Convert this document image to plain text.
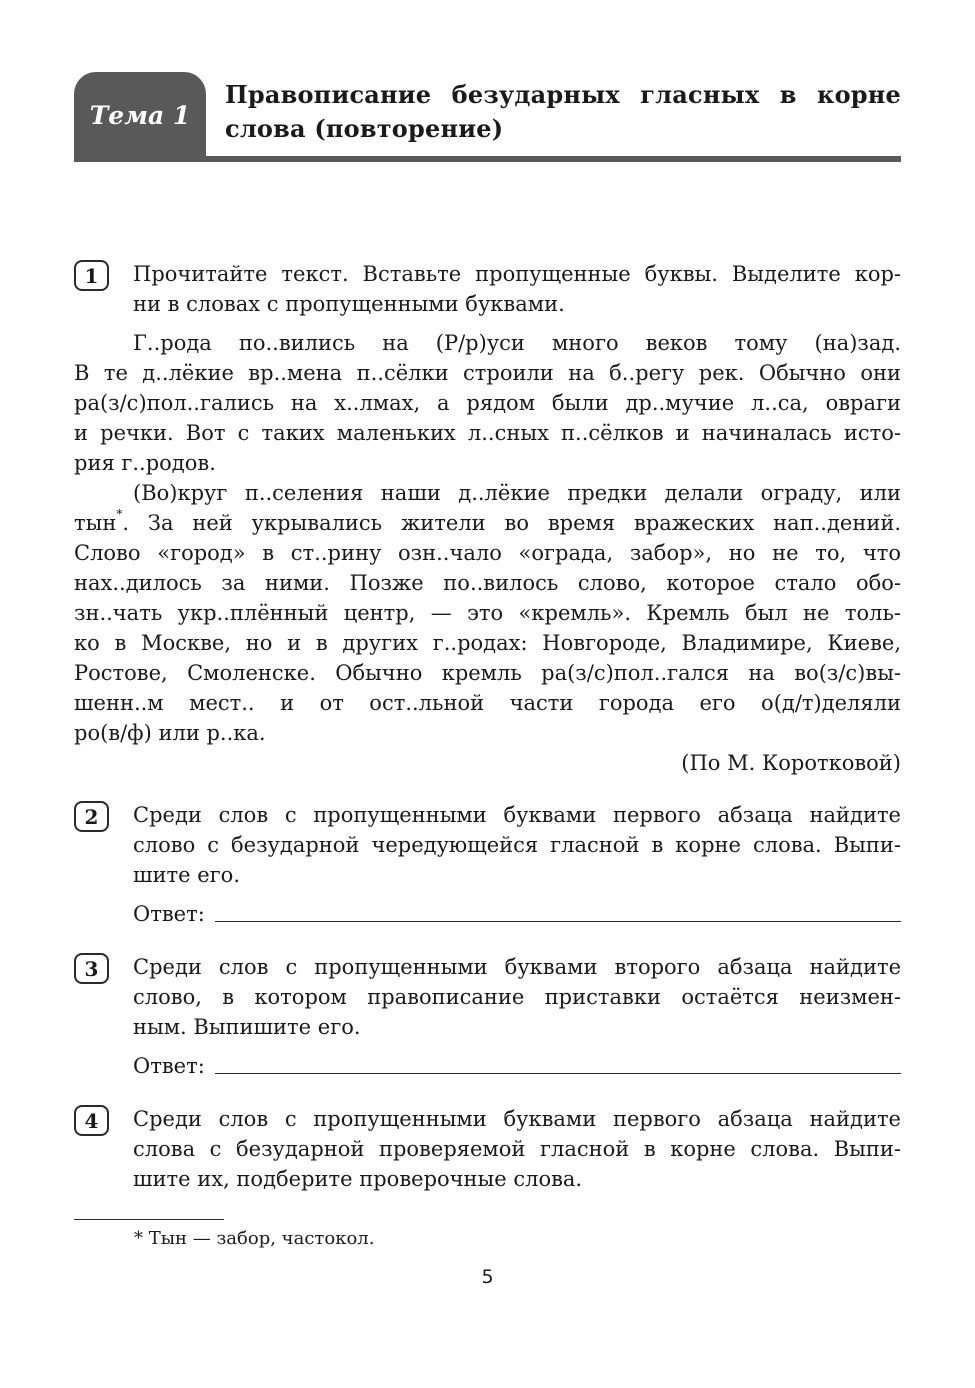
Тема 1
Правописание безударных гласных в корне слова (повторение)
1	Прочитайте текст. Вставьте пропущенные буквы. Выделите кор-
ни в словах с пропущенными буквами.
Г..рода по..вились на (Р/р)уси много веков тому (на)зад.
В те д..лёкие вр..мена п..сёлки строили на б..регу рек. Обычно они
ра(з/с)пол..гались на х..лмах, а рядом были др..мучие л..са, овраги
и речки. Вот с таких маленьких л..сных п..сёлков и начиналась исто-
рия г..родов.
(Во)круг п..селения наши д..лёкие предки делали ограду, или
тын*. За ней укрывались жители во время вражеских нап..дений.
Слово «город» в ст..рину озн..чало «ограда, забор», но не то, что
нах..дилось за ними. Позже по..вилось слово, которое стало обо-
зн..чать укр..плённый центр, — это «кремль». Кремль был не толь-
ко в Москве, но и в других г..родах: Новгороде, Владимире, Киеве,
Ростове, Смоленске. Обычно кремль ра(з/с)пол..гался на во(з/с)вы-
шенн..м мест.. и от ост..льной части города его о(д/т)деляли
ро(в/ф) или р..ка.
(По М. Коротковой)
2	Среди слов с пропущенными буквами первого абзаца найдите
слово с безударной чередующейся гласной в корне слова. Выпи-
шите его.
Ответ:
3	Среди слов с пропущенными буквами второго абзаца найдите
слово, в котором правописание приставки остаётся неизмен-
ным. Выпишите его.
Ответ:
4	Среди слов с пропущенными буквами первого абзаца найдите
слова с безударной проверяемой гласной в корне слова. Выпи-
шите их, подберите проверочные слова.
* Тын — забор, частокол.
5
